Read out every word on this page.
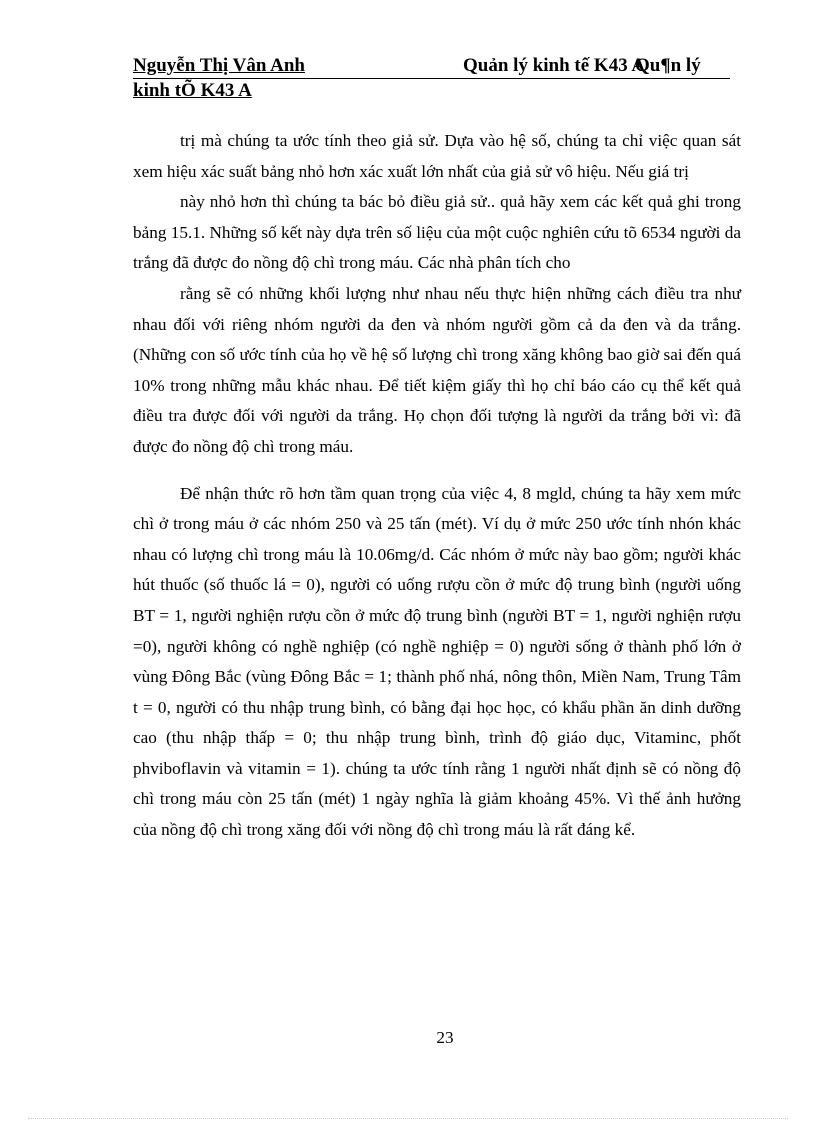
Nguyễn Thị Vân Anh	Quản lý kinh tế K43 A
Qu¶n lý
kinh tÕ K43 A

trị mà chúng ta ước tính theo giả sử. Dựa vào hệ số, chúng ta chỉ việc quan sát xem hiệu xác suất bảng nhỏ hơn xác xuất lớn nhất của giả sử vô hiệu. Nếu giá trị

này nhỏ hơn thì chúng ta bác bỏ điều giả sử.. quả hãy xem các kết quả ghi trong bảng 15.1. Những số kết này dựa trên số liệu của một cuộc nghiên cứu tõ 6534 người da trắng đã được đo nồng độ chì trong máu. Các nhà phân tích cho

rằng sẽ có những khối lượng như nhau nếu thực hiện những cách điều tra như nhau đối với riêng nhóm người da đen và nhóm người gồm cả da đen và da trắng. (Những con số ước tính của họ về hệ số lượng chì trong xăng không bao giờ sai đến quá 10% trong những mẫu khác nhau. Để tiết kiệm giấy thì họ chỉ báo cáo cụ thể kết quả điều tra được đối với người da trắng. Họ chọn đối tượng là người da trắng bởi vì: đã được đo nồng độ chì trong máu.

Để nhận thức rõ hơn tầm quan trọng của việc 4, 8 mgld, chúng ta hãy xem mức chì ở trong máu ở các nhóm 250 và 25 tấn (mét). Ví dụ ở mức 250 ước tính nhón khác nhau có lượng chì trong máu là 10.06mg/d. Các nhóm ở mức này bao gồm; người khác hút thuốc (số thuốc lá = 0), người có uống rượu cồn ở mức độ trung bình (người uống BT = 1, người nghiện rượu cồn ở mức độ trung bình (người BT = 1, người nghiện rượu =0), người không có nghề nghiệp (có nghề nghiệp = 0) người sống ở thành phố lớn ở vùng Đông Bắc (vùng Đông Bắc = 1; thành phố nhá, nông thôn, Miền Nam, Trung Tâm t = 0, người có thu nhập trung bình, có bằng đại học học, có khẩu phần ăn dinh dưỡng cao (thu nhập thấp = 0; thu nhập trung bình, trình độ giáo dục, Vitaminc, phốt phviboflavin và vitamin = 1). chúng ta ước tính rằng 1 người nhất định sẽ có nồng độ chì trong máu còn 25 tấn (mét) 1 ngày nghĩa là giảm khoảng 45%. Vì thế ảnh hưởng của nồng độ chì trong xăng đối với nồng độ chì trong máu là rất đáng kể.

23
